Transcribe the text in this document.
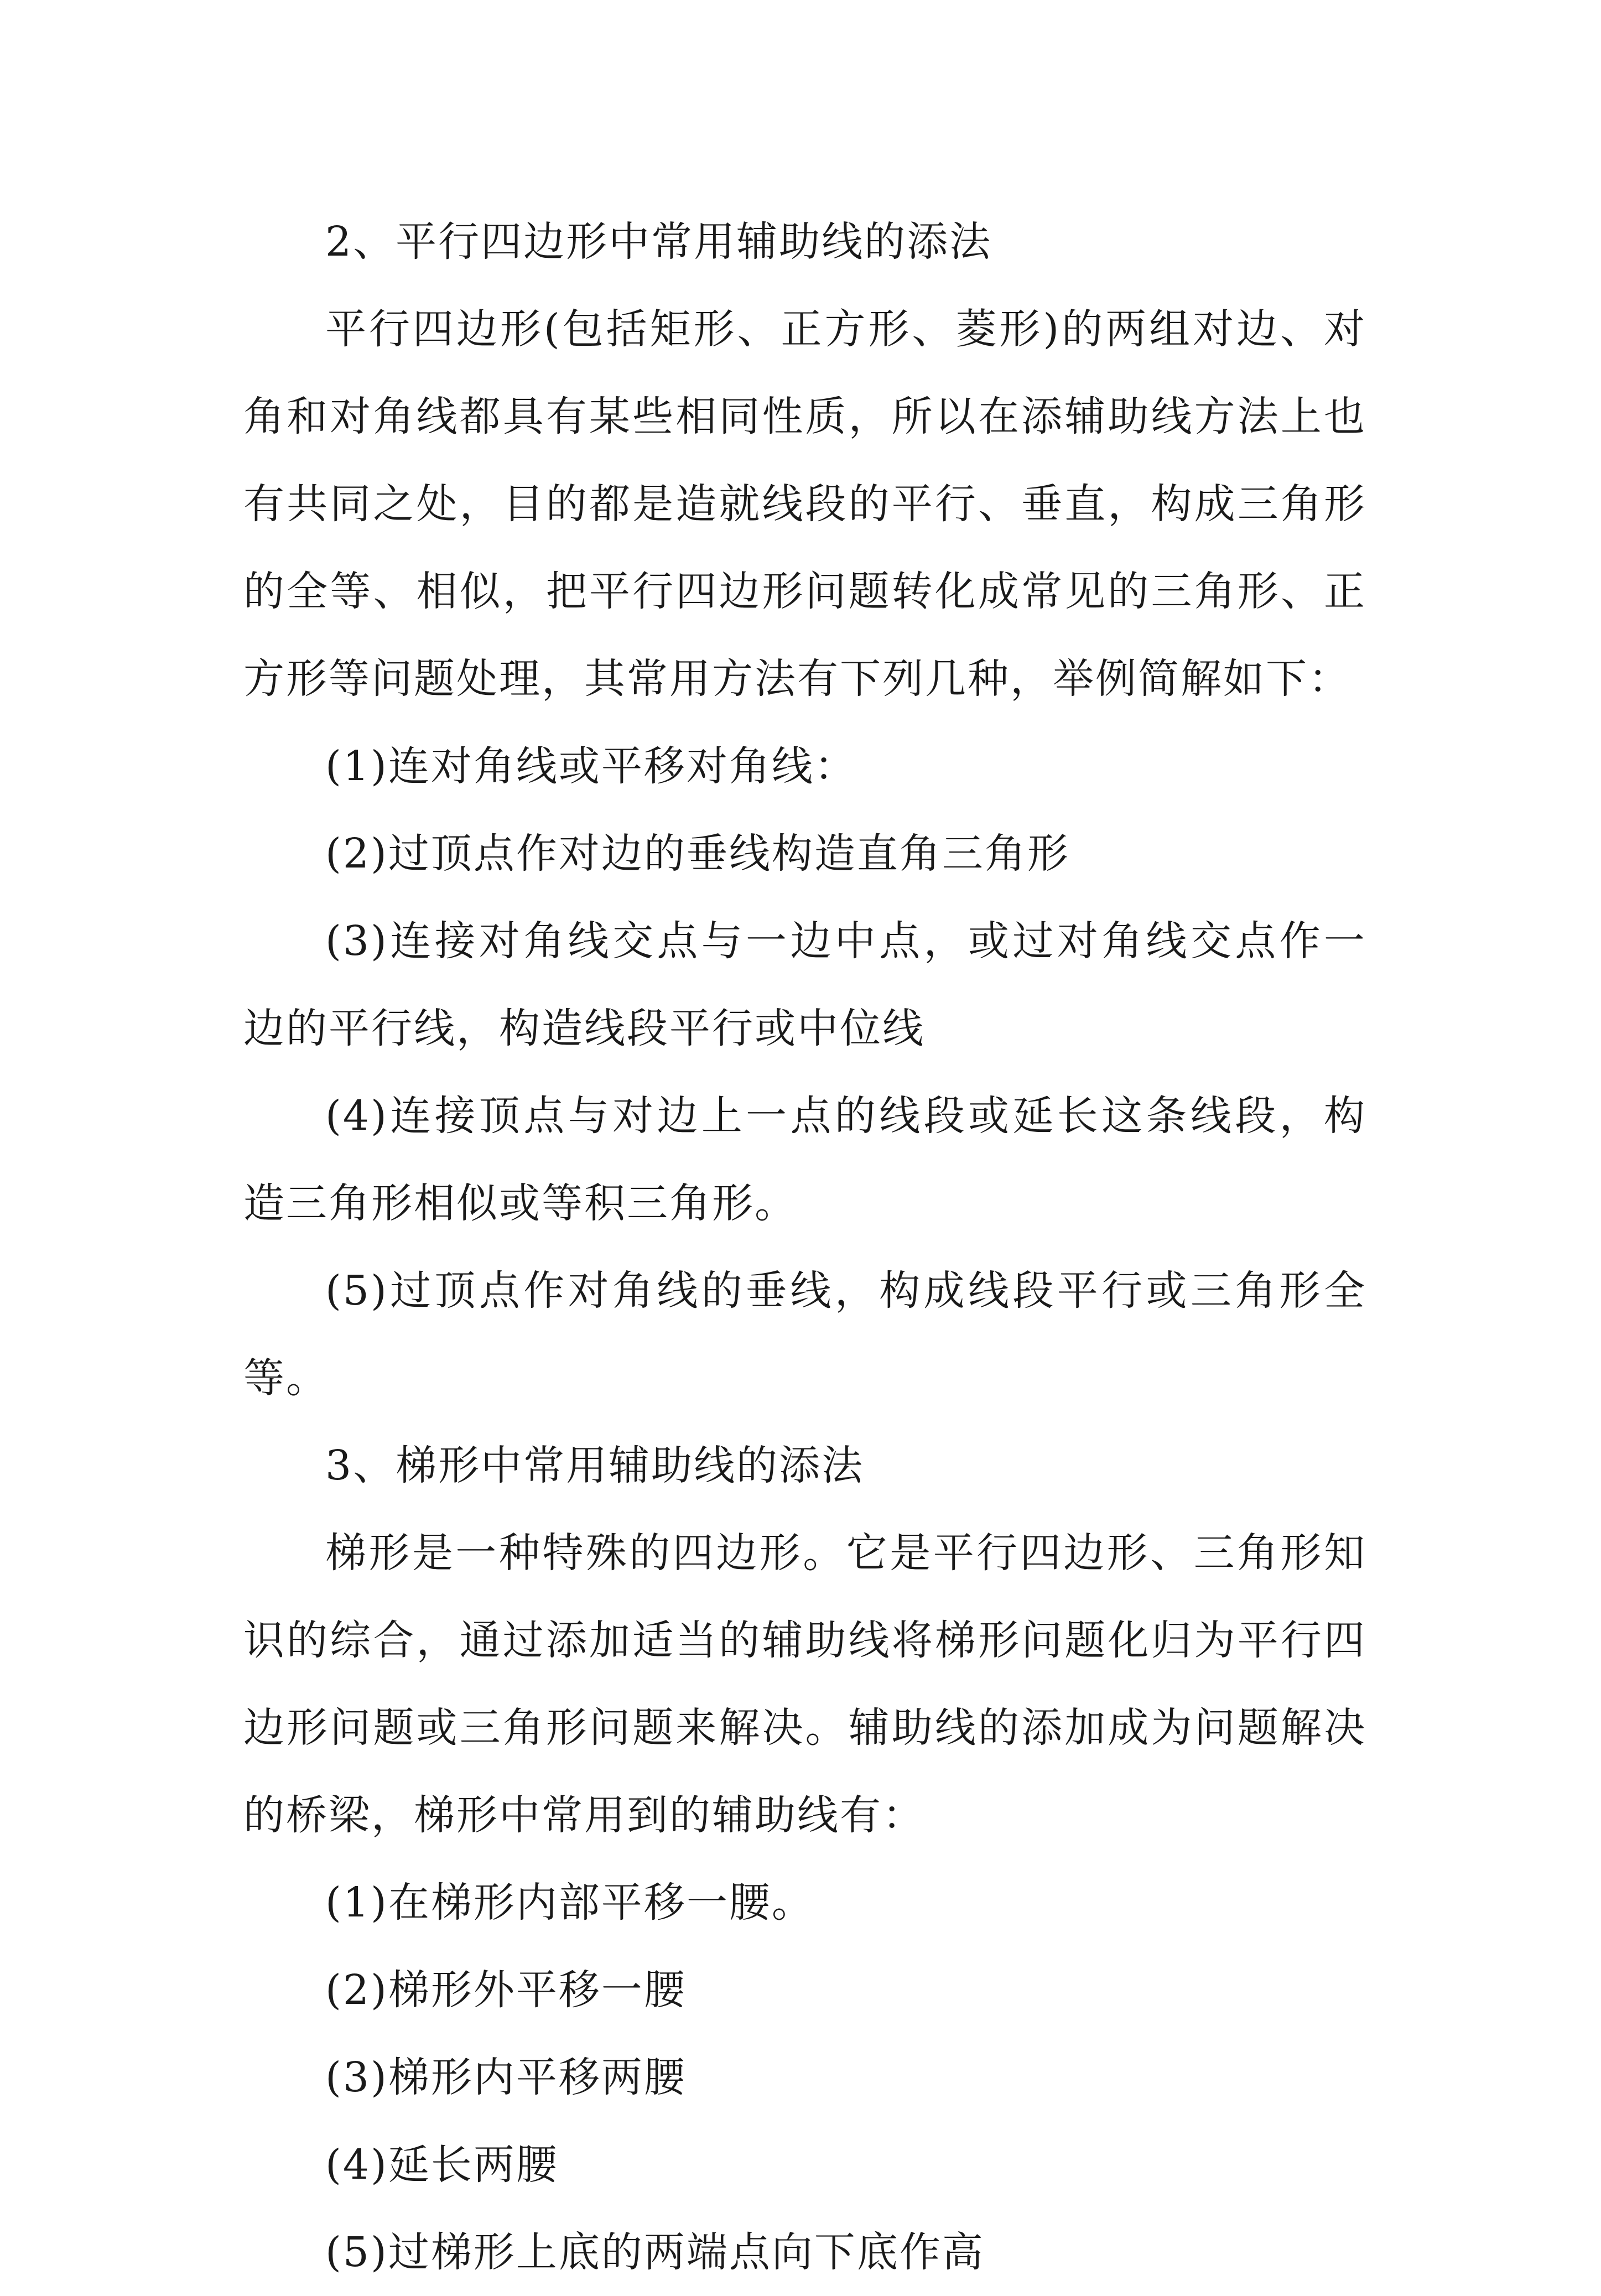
2、平行四边形中常用辅助线的添法

平行四边形(包括矩形、正方形、菱形)的两组对边、对角和对角线都具有某些相同性质，所以在添辅助线方法上也有共同之处，目的都是造就线段的平行、垂直，构成三角形的全等、相似，把平行四边形问题转化成常见的三角形、正方形等问题处理，其常用方法有下列几种，举例简解如下：

(1)连对角线或平移对角线：

(2)过顶点作对边的垂线构造直角三角形

(3)连接对角线交点与一边中点，或过对角线交点作一边的平行线，构造线段平行或中位线

(4)连接顶点与对边上一点的线段或延长这条线段，构造三角形相似或等积三角形。

(5)过顶点作对角线的垂线，构成线段平行或三角形全等。

3、梯形中常用辅助线的添法

梯形是一种特殊的四边形。它是平行四边形、三角形知识的综合，通过添加适当的辅助线将梯形问题化归为平行四边形问题或三角形问题来解决。辅助线的添加成为问题解决的桥梁，梯形中常用到的辅助线有：

(1)在梯形内部平移一腰。

(2)梯形外平移一腰

(3)梯形内平移两腰

(4)延长两腰

(5)过梯形上底的两端点向下底作高
